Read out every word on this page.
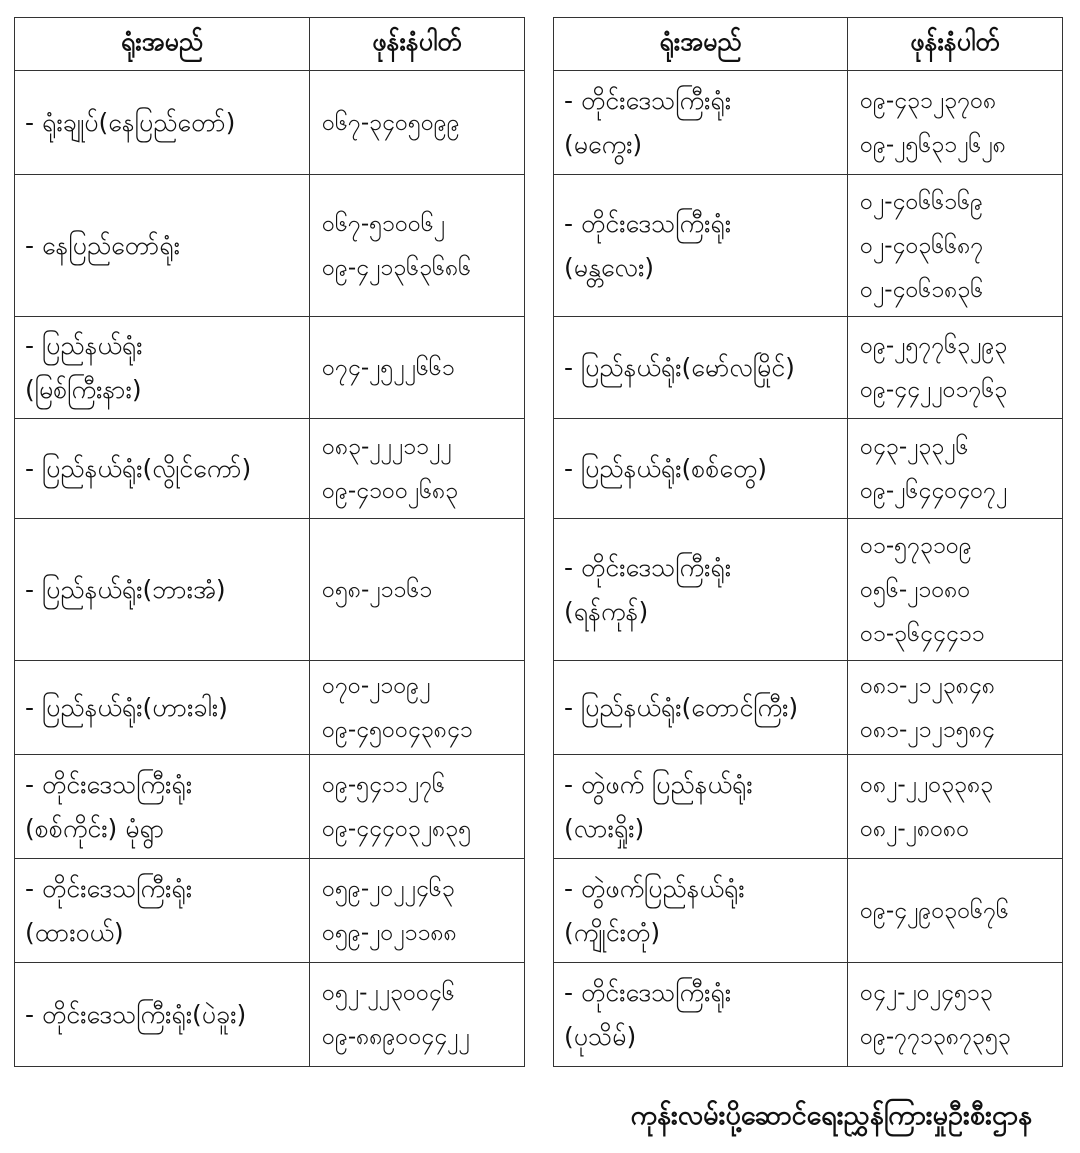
ရုံးအမည်	ဖုန်းနံပါတ်

- ရုံးချုပ်(နေပြည်တော်)	၀၆၇-၃၄၀၅၀၉၉

- နေပြည်တော်ရုံး	၀၆၇-၅၁၀၀၆၂
၀၉-၄၂၁၃၆၃၆၈၆

- ပြည်နယ်ရုံး
(မြစ်ကြီးနား)	၀၇၄-၂၅၂၂၆၆၁

- ပြည်နယ်ရုံး(လွိုင်ကော်)	၀၈၃-၂၂၂၁၁၂၂
၀၉-၄၁၀၀၂၆၈၃

- ပြည်နယ်ရုံး(ဘားအံ)	၀၅၈-၂၁၁၆၁

- ပြည်နယ်ရုံး(ဟားခါး)	၀၇၀-၂၁၀၉၂
၀၉-၄၅၀၀၄၃၈၄၁

- တိုင်းဒေသကြီးရုံး
(စစ်ကိုင်း) မုံရွာ	၀၉-၅၄၁၁၂၇၆
၀၉-၄၄၄၀၃၂၈၃၅

- တိုင်းဒေသကြီးရုံး
(ထားဝယ်)	၀၅၉-၂၀၂၂၄၆၃
၀၅၉-၂၀၂၁၁၈၈

- တိုင်းဒေသကြီးရုံး(ပဲခူး)	၀၅၂-၂၂၃၀၀၄၆
၀၉-၈၈၉၀၀၄၄၂၂
ရုံးအမည်	ဖုန်းနံပါတ်

- တိုင်းဒေသကြီးရုံး
(မကွေး)	၀၉-၄၃၁၂၃၇၀၈
၀၉-၂၅၆၃၁၂၆၂၈

- တိုင်းဒေသကြီးရုံး
(မန္တလေး)	၀၂-၄၀၆၆၁၆၉
၀၂-၄၀၃၆၆၈၇
၀၂-၄၀၆၁၈၃၆

- ပြည်နယ်ရုံး(မော်လမြိုင်)	၀၉-၂၅၇၇၆၃၂၉၃
၀၉-၄၄၂၂၀၁၇၆၃

- ပြည်နယ်ရုံး(စစ်တွေ)	၀၄၃-၂၃၃၂၆
၀၉-၂၆၄၄၀၄၀၇၂

- တိုင်းဒေသကြီးရုံး
(ရန်ကုန်)	၀၁-၅၇၃၁၀၉
၀၅၆-၂၁၀၈၀
၀၁-၃၆၄၄၄၁၁

- ပြည်နယ်ရုံး(တောင်ကြီး)	၀၈၁-၂၁၂၃၈၄၈
၀၈၁-၂၁၂၁၅၈၄

- တွဲဖက် ပြည်နယ်ရုံး
(လားရှိုး)	၀၈၂-၂၂၀၃၃၈၃
၀၈၂-၂၈၀၈၀

- တွဲဖက်ပြည်နယ်ရုံး
(ကျိုင်းတုံ)	၀၉-၄၂၉၀၃၀၆၇၆

- တိုင်းဒေသကြီးရုံး
(ပုသိမ်)	၀၄၂-၂၀၂၄၅၁၃
၀၉-၇၇၁၃၈၇၃၅၃
ကုန်းလမ်းပို့ဆောင်ရေးညွှန်ကြားမှုဦးစီးဌာန
